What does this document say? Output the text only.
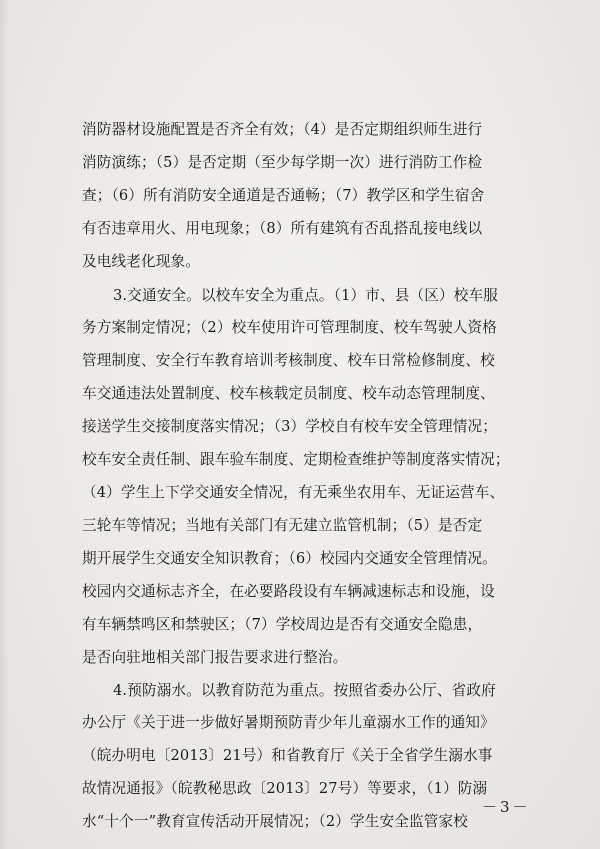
消防器材设施配置是否齐全有效；（4）是否定期组织师生进行
消防演练；（5）是否定期（至少每学期一次）进行消防工作检
查；（6）所有消防安全通道是否通畅；（7）教学区和学生宿舍
有否违章用火、用电现象；（8）所有建筑有否乱搭乱接电线以
及电线老化现象。
3.交通安全。以校车安全为重点。（1）市、县（区）校车服
务方案制定情况；（2）校车使用许可管理制度、校车驾驶人资格
管理制度、安全行车教育培训考核制度、校车日常检修制度、校
车交通违法处置制度、校车核载定员制度、校车动态管理制度、
接送学生交接制度落实情况；（3）学校自有校车安全管理情况；
校车安全责任制、跟车验车制度、定期检查维护等制度落实情况；
（4）学生上下学交通安全情况，有无乘坐农用车、无证运营车、
三轮车等情况；当地有关部门有无建立监管机制；（5）是否定
期开展学生交通安全知识教育；（6）校园内交通安全管理情况。
校园内交通标志齐全，在必要路段设有车辆减速标志和设施，设
有车辆禁鸣区和禁驶区；（7）学校周边是否有交通安全隐患，
是否向驻地相关部门报告要求进行整治。
4.预防溺水。以教育防范为重点。按照省委办公厅、省政府
办公厅《关于进一步做好暑期预防青少年儿童溺水工作的通知》
（皖办明电〔2013〕21号）和省教育厅《关于全省学生溺水事
故情况通报》（皖教秘思政〔2013〕27号）等要求，（1）防溺
水“十个一”教育宣传活动开展情况；（2）学生安全监管家校
－3－
